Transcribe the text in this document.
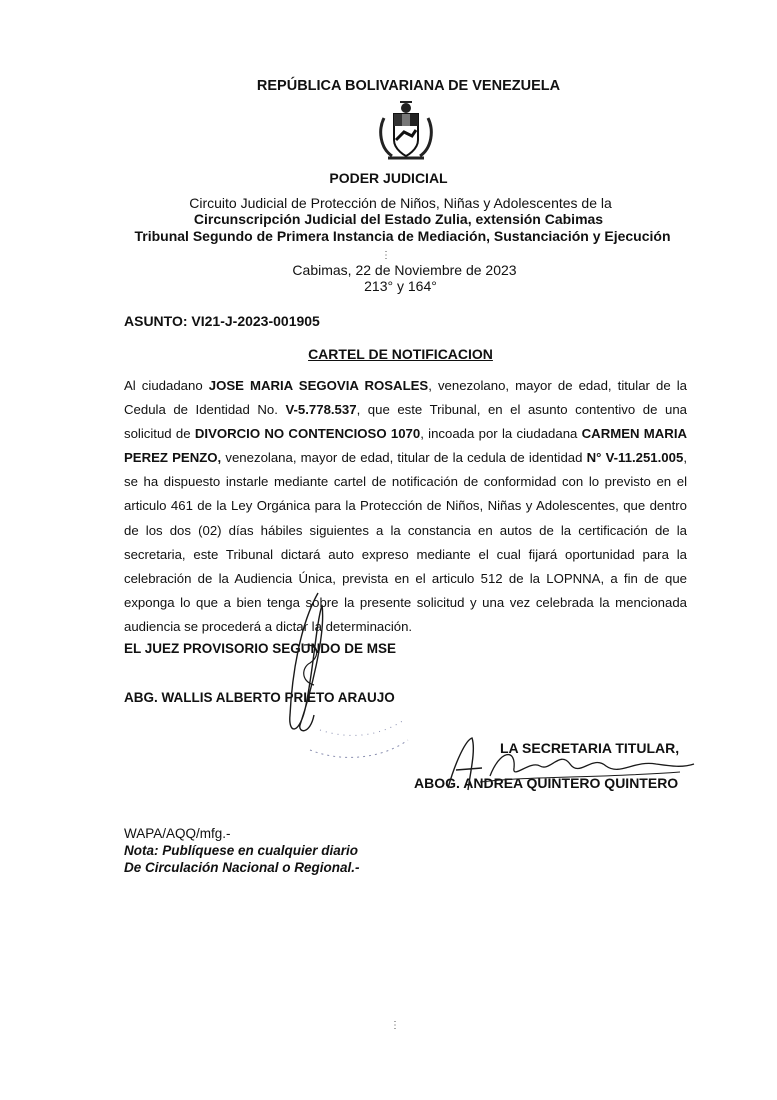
REPÚBLICA BOLIVARIANA DE VENEZUELA
PODER JUDICIAL
Circuito Judicial de Protección de Niños, Niñas y Adolescentes de la
Circunscripción Judicial del Estado Zulia, extensión Cabimas
Tribunal Segundo de Primera Instancia de Mediación, Sustanciación y Ejecución
Cabimas, 22 de Noviembre de 2023
213° y 164°
ASUNTO: VI21-J-2023-001905
CARTEL DE NOTIFICACION
Al ciudadano JOSE MARIA SEGOVIA ROSALES, venezolano, mayor de edad, titular de la Cedula de Identidad No. V-5.778.537, que este Tribunal, en el asunto contentivo de una solicitud de DIVORCIO NO CONTENCIOSO 1070, incoada por la ciudadana CARMEN MARIA PEREZ PENZO, venezolana, mayor de edad, titular de la cedula de identidad N° V-11.251.005, se ha dispuesto instarle mediante cartel de notificación de conformidad con lo previsto en el articulo 461 de la Ley Orgánica para la Protección de Niños, Niñas y Adolescentes, que dentro de los dos (02) días hábiles siguientes a la constancia en autos de la certificación de la secretaria, este Tribunal dictará auto expreso mediante el cual fijará oportunidad para la celebración de la Audiencia Única, prevista en el articulo 512 de la LOPNNA, a fin de que exponga lo que a bien tenga sobre la presente solicitud y una vez celebrada la mencionada audiencia se procederá a dictar la determinación.
EL JUEZ PROVISORIO SEGUNDO DE MSE
ABG. WALLIS ALBERTO PRIETO ARAUJO
LA SECRETARIA TITULAR,
ABOG. ANDREA QUINTERO QUINTERO
WAPA/AQQ/mfg.-
Nota: Publíquese en cualquier diario
De Circulación Nacional o Regional.-
⋮
⋮
